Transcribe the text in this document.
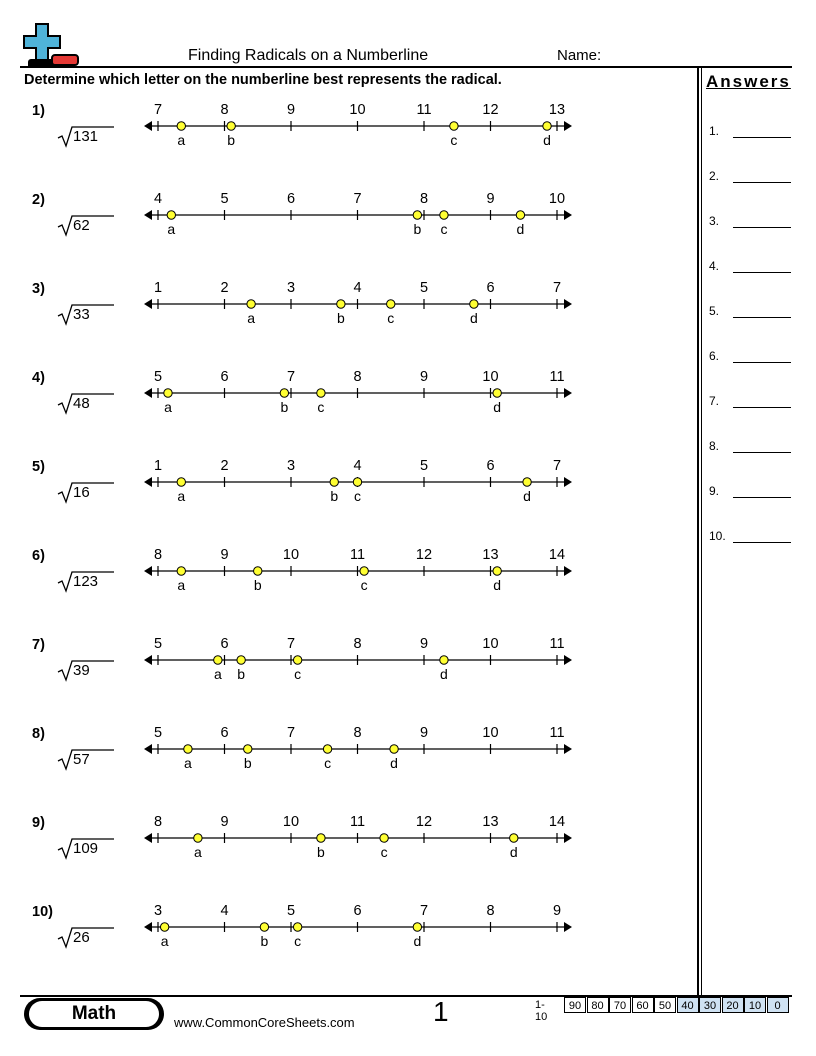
Finding Radicals on a Numberline	Name:
Determine which letter on the numberline best represents the radical.	Answers
1.
2.
3.
4.
5.
6.
7.
8.
9.
10.
1)
131
7	8	9	10	11	12	13
a	b	c	d
2)
62
4	5	6	7	8	9	10
a	b c	d
3)
33
1	2	3	4	5	6	7
a	b	c	d
4)
48
5	6	7	8	9	10	11
a	b c	d
5)
16
1	2	3	4	5	6	7
a	b c	d
6)
123
8	9	10	11	12	13	14
a	b	c	d
7)
39
5	6	7	8	9	10	11
a b	c	d
8)
57
5	6	7	8	9	10	11
a	b	c	d
9)
109
8	9	10	11	12	13	14
a	b	c	d
10)
26
3	4	5	6	7	8	9
a	b c	d
Math	www.CommonCoreSheets.com	1	1-10
90 80 70 60 50 40 30 20 10	0
